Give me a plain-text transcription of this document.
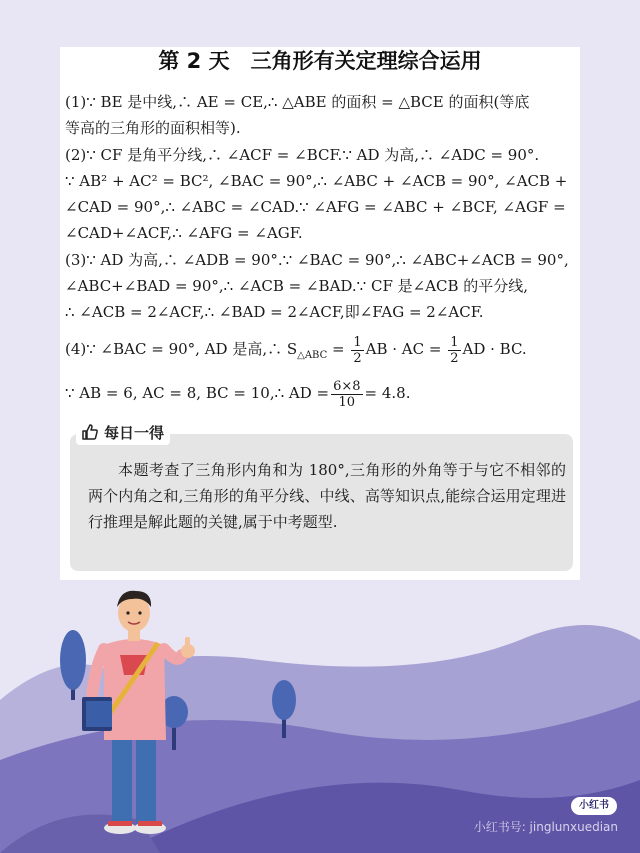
第 2 天　三角形有关定理综合运用
(1)∵ BE 是中线,∴ AE = CE,∴ △ABE 的面积 = △BCE 的面积(等底
等高的三角形的面积相等).
(2)∵ CF 是角平分线,∴ ∠ACF = ∠BCF.∵ AD 为高,∴ ∠ADC = 90°.
∵ AB² + AC² = BC², ∠BAC = 90°,∴ ∠ABC + ∠ACB = 90°, ∠ACB +
∠CAD = 90°,∴ ∠ABC = ∠CAD.∵ ∠AFG = ∠ABC + ∠BCF, ∠AGF =
∠CAD+∠ACF,∴ ∠AFG = ∠AGF.
(3)∵ AD 为高,∴ ∠ADB = 90°.∵ ∠BAC = 90°,∴ ∠ABC+∠ACB = 90°,
∠ABC+∠BAD = 90°,∴ ∠ACB = ∠BAD.∵ CF 是∠ACB 的平分线,
∴ ∠ACB = 2∠ACF,∴ ∠BAD = 2∠ACF,即∠FAG = 2∠ACF.
(4)∵ ∠BAC = 90°, AD 是高,∴ $S_{\triangle ABC} = \frac{1}{2}$ AB · AC = $\frac{1}{2}$ AD · BC.
∵ AB = 6, AC = 8, BC = 10,∴ AD = $\frac{6\times 8}{10} = 4.8$.
每日一得
本题考查了三角形内角和为 180°,三角形的外角等于与它不相邻的两个内角之和,三角形的角平分线、中线、高等知识点,能综合运用定理进行推理是解此题的关键,属于中考题型.
小红书
小红书号: jinglunxuedian
